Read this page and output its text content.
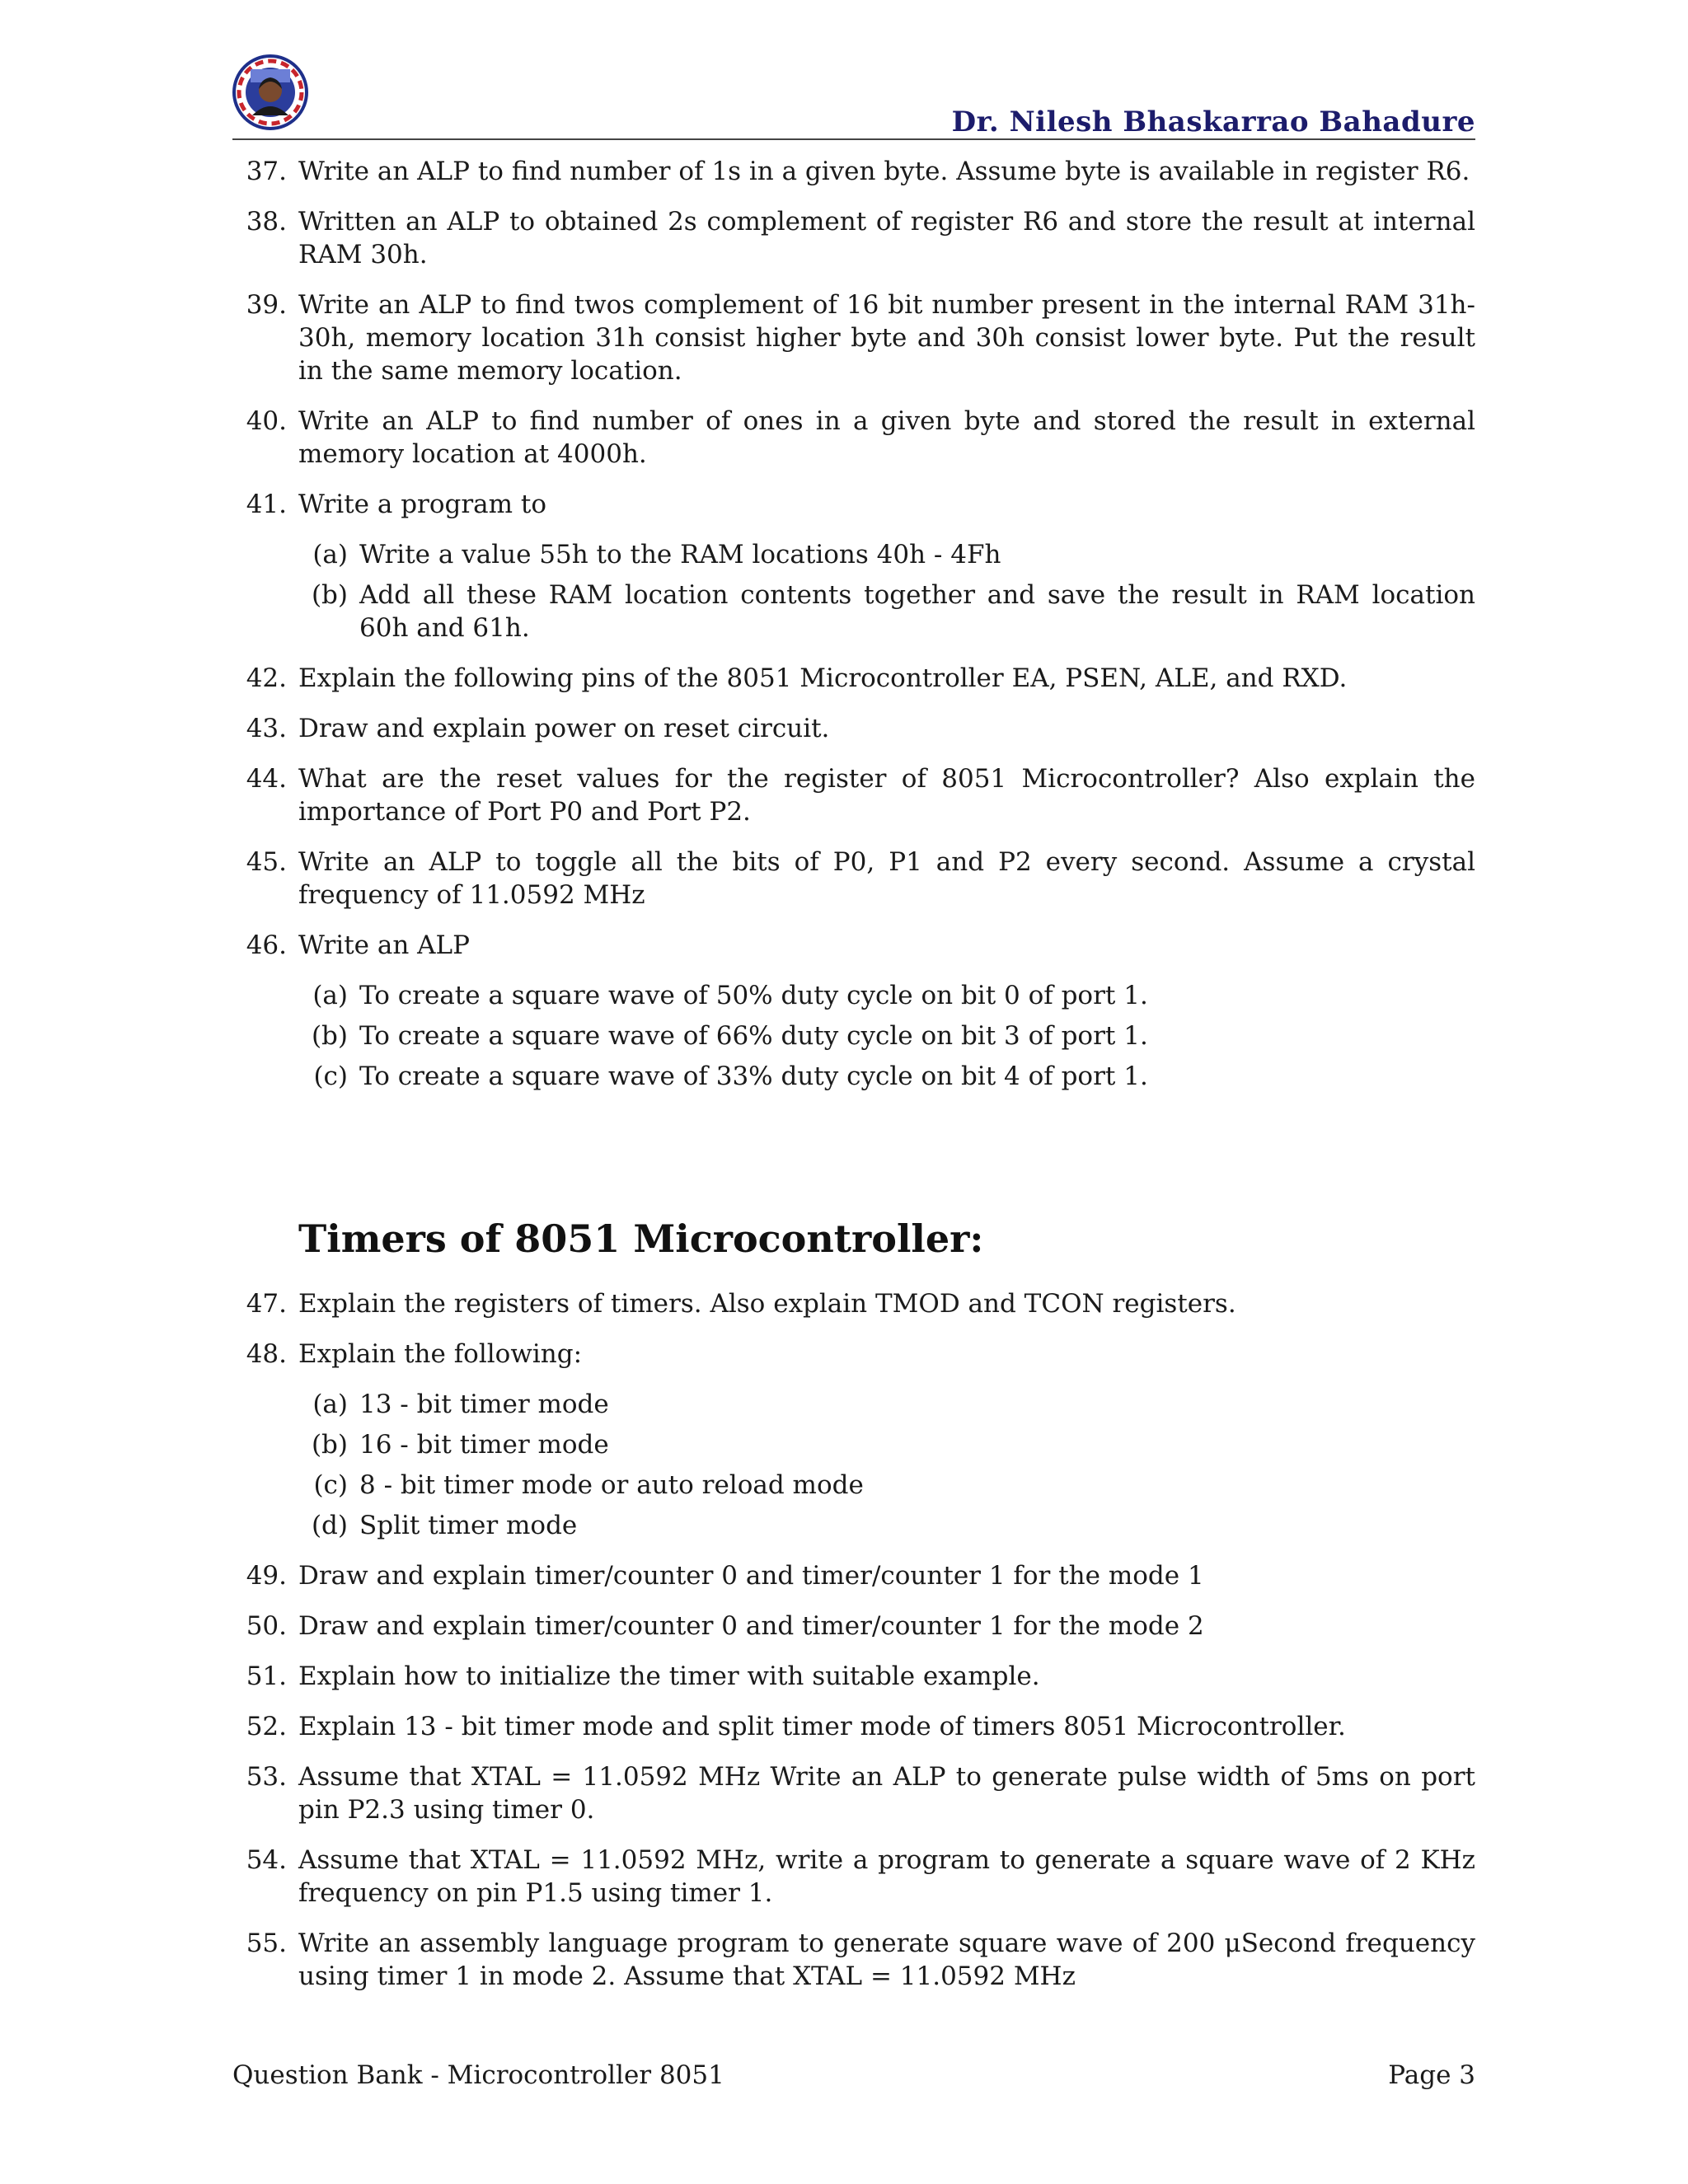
Dr. Nilesh Bhaskarrao Bahadure
37. Write an ALP to find number of 1s in a given byte. Assume byte is available in register R6.
38. Written an ALP to obtained 2s complement of register R6 and store the result at internal RAM 30h.
39. Write an ALP to find twos complement of 16 bit number present in the internal RAM 31h-30h, memory location 31h consist higher byte and 30h consist lower byte. Put the result in the same memory location.
40. Write an ALP to find number of ones in a given byte and stored the result in external memory location at 4000h.
41. Write a program to
(a) Write a value 55h to the RAM locations 40h - 4Fh
(b) Add all these RAM location contents together and save the result in RAM location 60h and 61h.
42. Explain the following pins of the 8051 Microcontroller EA, PSEN, ALE, and RXD.
43. Draw and explain power on reset circuit.
44. What are the reset values for the register of 8051 Microcontroller? Also explain the importance of Port P0 and Port P2.
45. Write an ALP to toggle all the bits of P0, P1 and P2 every second. Assume a crystal frequency of 11.0592 MHz
46. Write an ALP
(a) To create a square wave of 50% duty cycle on bit 0 of port 1.
(b) To create a square wave of 66% duty cycle on bit 3 of port 1.
(c) To create a square wave of 33% duty cycle on bit 4 of port 1.
Timers of 8051 Microcontroller:
47. Explain the registers of timers. Also explain TMOD and TCON registers.
48. Explain the following:
(a) 13 - bit timer mode
(b) 16 - bit timer mode
(c) 8 - bit timer mode or auto reload mode
(d) Split timer mode
49. Draw and explain timer/counter 0 and timer/counter 1 for the mode 1
50. Draw and explain timer/counter 0 and timer/counter 1 for the mode 2
51. Explain how to initialize the timer with suitable example.
52. Explain 13 - bit timer mode and split timer mode of timers 8051 Microcontroller.
53. Assume that XTAL = 11.0592 MHz Write an ALP to generate pulse width of 5ms on port pin P2.3 using timer 0.
54. Assume that XTAL = 11.0592 MHz, write a program to generate a square wave of 2 KHz frequency on pin P1.5 using timer 1.
55. Write an assembly language program to generate square wave of 200 μSecond frequency using timer 1 in mode 2. Assume that XTAL = 11.0592 MHz
Question Bank - Microcontroller 8051	Page 3
